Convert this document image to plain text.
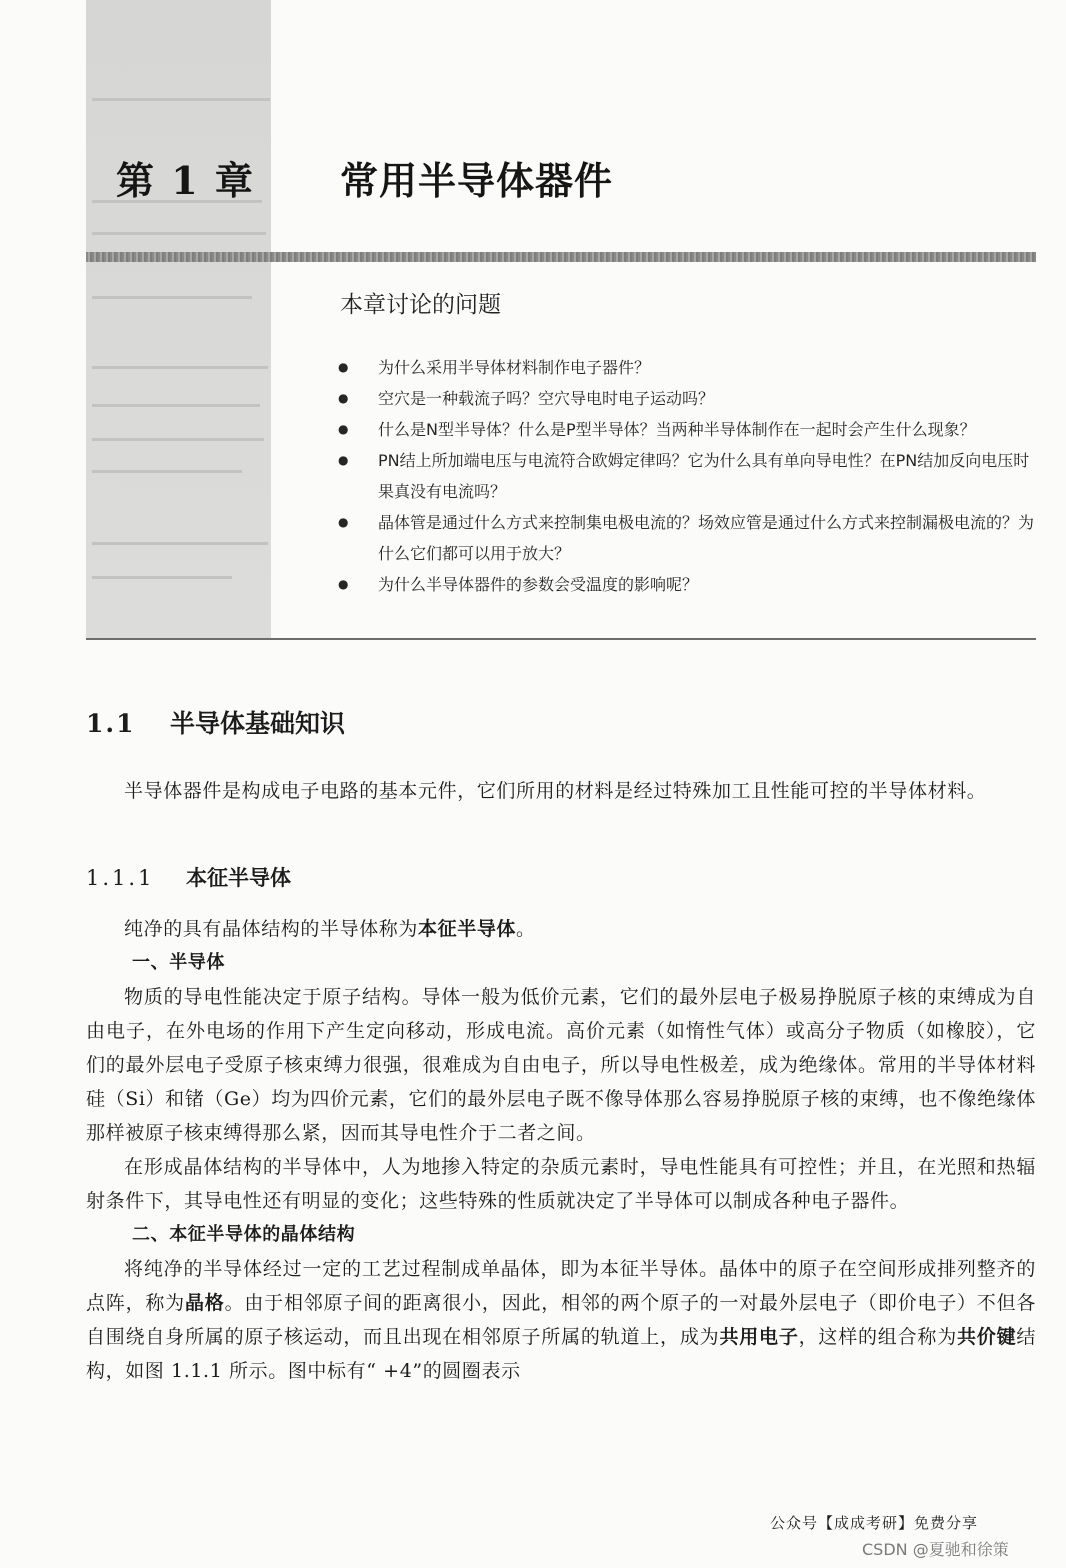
第 1 章 常用半导体器件
本章讨论的问题
● 为什么采用半导体材料制作电子器件？
● 空穴是一种载流子吗？空穴导电时电子运动吗？
● 什么是N型半导体？什么是P型半导体？当两种半导体制作在一起时会产生什么现象？
● PN结上所加端电压与电流符合欧姆定律吗？它为什么具有单向导电性？在PN结加反向电压时果真没有电流吗？
● 晶体管是通过什么方式来控制集电极电流的？场效应管是通过什么方式来控制漏极电流的？为什么它们都可以用于放大？
● 为什么半导体器件的参数会受温度的影响呢？
1.1 半导体基础知识

半导体器件是构成电子电路的基本元件，它们所用的材料是经过特殊加工且性能可控的半导体材料。

1.1.1 本征半导体

纯净的具有晶体结构的半导体称为本征半导体。

一、半导体

物质的导电性能决定于原子结构。导体一般为低价元素，它们的最外层电子极易挣脱原子核的束缚成为自由电子，在外电场的作用下产生定向移动，形成电流。高价元素（如惰性气体）或高分子物质（如橡胶），它们的最外层电子受原子核束缚力很强，很难成为自由电子，所以导电性极差，成为绝缘体。常用的半导体材料硅（Si）和锗（Ge）均为四价元素，它们的最外层电子既不像导体那么容易挣脱原子核的束缚，也不像绝缘体那样被原子核束缚得那么紧，因而其导电性介于二者之间。

在形成晶体结构的半导体中，人为地掺入特定的杂质元素时，导电性能具有可控性；并且，在光照和热辐射条件下，其导电性还有明显的变化；这些特殊的性质就决定了半导体可以制成各种电子器件。

二、本征半导体的晶体结构

将纯净的半导体经过一定的工艺过程制成单晶体，即为本征半导体。晶体中的原子在空间形成排列整齐的点阵，称为晶格。由于相邻原子间的距离很小，因此，相邻的两个原子的一对最外层电子（即价电子）不但各自围绕自身所属的原子核运动，而且出现在相邻原子所属的轨道上，成为共用电子，这样的组合称为共价键结构，如图 1.1.1 所示。图中标有“ +4”的圆圈表示

公众号【成成考研】免费分享
CSDN @夏驰和徐策
